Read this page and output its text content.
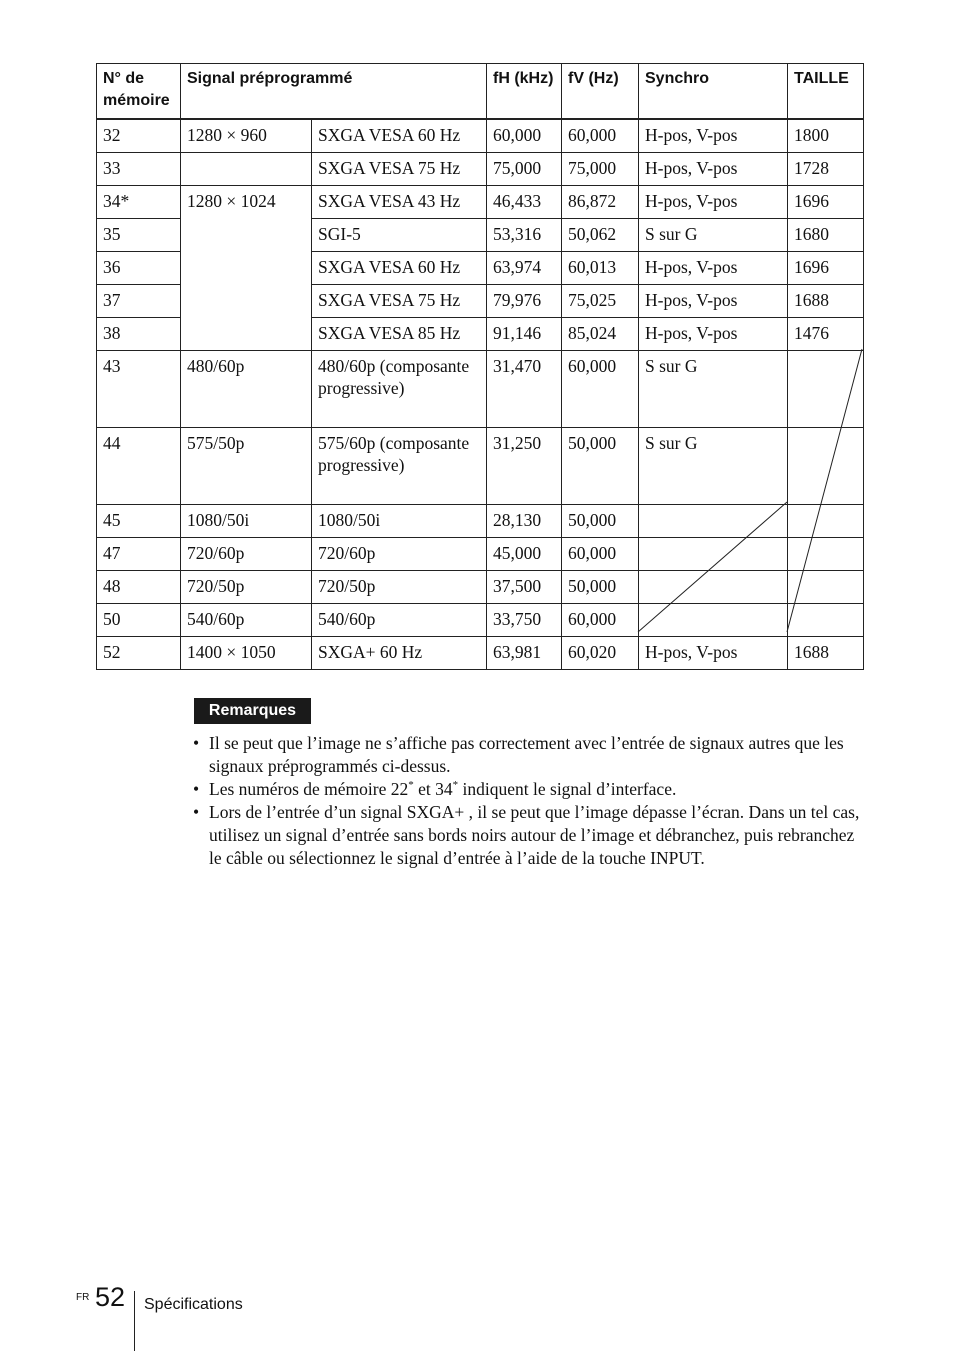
N° de mémoire	Signal préprogrammé		fH (kHz)	fV (Hz)	Synchro	TAILLE
32	1280 × 960	SXGA VESA 60 Hz	60,000	60,000	H-pos, V-pos	1800
33		SXGA VESA 75 Hz	75,000	75,000	H-pos, V-pos	1728
34*	1280 × 1024	SXGA VESA 43 Hz	46,433	86,872	H-pos, V-pos	1696
35		SGI-5	53,316	50,062	S sur G	1680
36		SXGA VESA 60 Hz	63,974	60,013	H-pos, V-pos	1696
37		SXGA VESA 75 Hz	79,976	75,025	H-pos, V-pos	1688
38		SXGA VESA 85 Hz	91,146	85,024	H-pos, V-pos	1476
43	480/60p	480/60p (composante progressive)	31,470	60,000	S sur G	
44	575/50p	575/60p (composante progressive)	31,250	50,000	S sur G	
45	1080/50i	1080/50i	28,130	50,000		
47	720/60p	720/60p	45,000	60,000		
48	720/50p	720/50p	37,500	50,000		
50	540/60p	540/60p	33,750	60,000		
52	1400 × 1050	SXGA+ 60 Hz	63,981	60,020	H-pos, V-pos	1688
Remarques
• Il se peut que l’image ne s’affiche pas correctement avec l’entrée de signaux autres que les signaux préprogrammés ci-dessus.
• Les numéros de mémoire 22* et 34* indiquent le signal d’interface.
• Lors de l’entrée d’un signal SXGA+ , il se peut que l’image dépasse l’écran. Dans un tel cas, utilisez un signal d’entrée sans bords noirs autour de l’image et débranchez, puis rebranchez le câble ou sélectionnez le signal d’entrée à l’aide de la touche INPUT.
FR 52 Spécifications
